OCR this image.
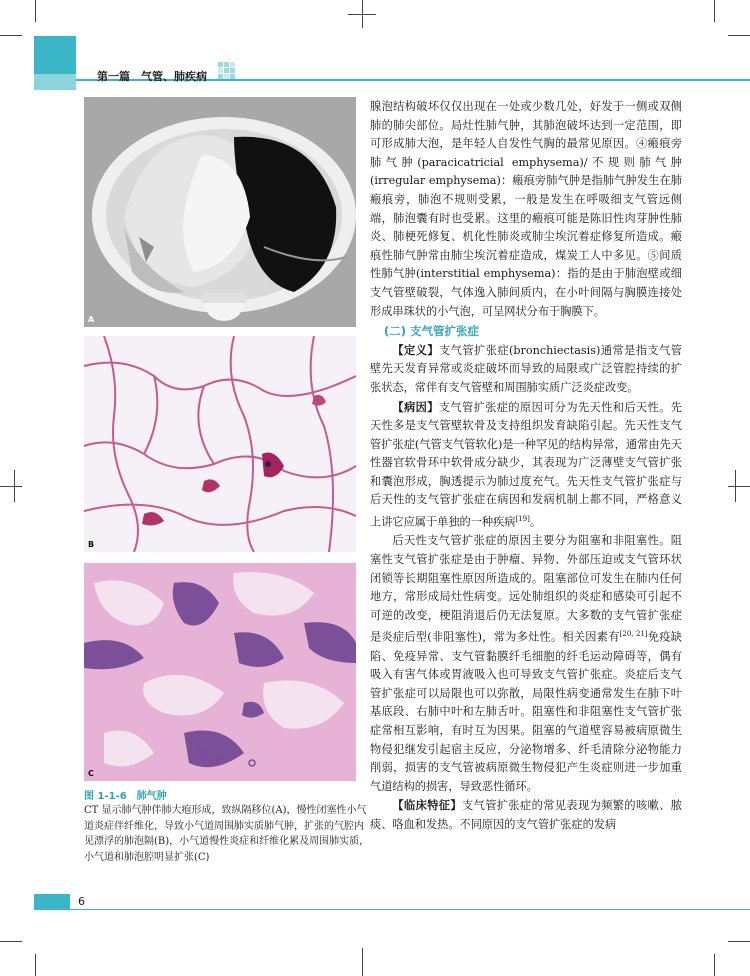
第一篇　气管、肺疾病
A
B
C
图 1-1-6　肺气肿
CT 显示肺气肿伴肺大疱形成，致纵隔移位(A)，慢性闭塞性小气道炎症伴纤维化，导致小气道周围肺实质肺气肿，扩张的气腔内见漂浮的肺泡隔(B)，小气道慢性炎症和纤维化累及周围肺实质，小气道和肺泡腔明显扩张(C)

腺泡结构破坏仅仅出现在一处或少数几处，好发于一侧或双侧肺的肺尖部位。局灶性肺气肿，其肺泡破坏达到一定范围，即可形成肺大泡，是年轻人自发性气胸的最常见原因。④瘢痕旁肺气肿(paracicatricial emphysema)/不规则肺气肿(irregular emphysema)：瘢痕旁肺气肿是指肺气肿发生在肺瘢痕旁，肺泡不规则受累，一般是发生在呼吸细支气管远侧端，肺泡囊有时也受累。这里的瘢痕可能是陈旧性肉芽肿性肺炎、肺梗死修复、机化性肺炎或肺尘埃沉着症修复所造成。瘢痕性肺气肿常由肺尘埃沉着症造成，煤炭工人中多见。⑤间质性肺气肿(interstitial emphysema)：指的是由于肺泡壁或细支气管壁破裂，气体逸入肺间质内，在小叶间隔与胸膜连接处形成串珠状的小气泡，可呈网状分布于胸膜下。

(二) 支气管扩张症

【定义】支气管扩张症(bronchiectasis)通常是指支气管壁先天发育异常或炎症破坏而导致的局限或广泛管腔持续的扩张状态，常伴有支气管壁和周围肺实质广泛炎症改变。

【病因】支气管扩张症的原因可分为先天性和后天性。先天性多是支气管壁软骨及支持组织发育缺陷引起。先天性支气管扩张症(气管支气管软化)是一种罕见的结构异常，通常由先天性器官软骨环中软骨成分缺少，其表现为广泛薄壁支气管扩张和囊泡形成，胸透提示为肺过度充气。先天性支气管扩张症与后天性的支气管扩张症在病因和发病机制上都不同，严格意义上讲它应属于单独的一种疾病[19]。

后天性支气管扩张症的原因主要分为阻塞和非阻塞性。阻塞性支气管扩张症是由于肿瘤、异物、外部压迫或支气管环状闭锁等长期阻塞性原因所造成的。阻塞部位可发生在肺内任何地方，常形成局灶性病变。远处肺组织的炎症和感染可引起不可逆的改变，梗阻消退后仍无法复原。大多数的支气管扩张症是炎症后型(非阻塞性)，常为多灶性。相关因素有[20, 21]免疫缺陷、免疫异常、支气管黏膜纤毛细胞的纤毛运动障碍等，偶有吸入有害气体或胃液吸入也可导致支气管扩张症。炎症后支气管扩张症可以局限也可以弥散，局限性病变通常发生在肺下叶基底段、右肺中叶和左肺舌叶。阻塞性和非阻塞性支气管扩张症常相互影响，有时互为因果。阻塞的气道壁容易被病原微生物侵犯继发引起宿主反应，分泌物增多、纤毛清除分泌物能力削弱，损害的支气管被病原微生物侵犯产生炎症则进一步加重气道结构的损害，导致恶性循环。

【临床特征】支气管扩张症的常见表现为频繁的咳嗽、脓痰、咯血和发热。不同原因的支气管扩张症的发病

6
